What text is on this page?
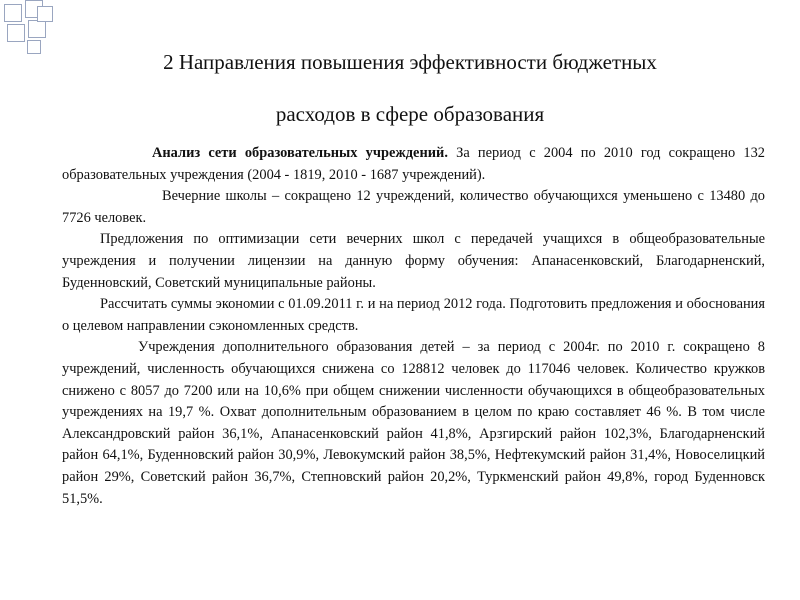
2 Направления повышения эффективности бюджетных
расходов в сфере образования

Анализ сети образовательных учреждений. За период с 2004 по 2010 год сокращено 132 образовательных учреждения (2004 - 1819, 2010 - 1687 учреждений).

Вечерние школы – сокращено 12 учреждений, количество обучающихся уменьшено с 13480 до 7726 человек.

Предложения по оптимизации сети вечерних школ с передачей учащихся в общеобразовательные учреждения и получении лицензии на данную форму обучения: Апанасенковский, Благодарненский, Буденновский, Советский муниципальные районы.

Рассчитать суммы экономии с 01.09.2011 г. и на период 2012 года. Подготовить предложения и обоснования о целевом направлении сэкономленных средств.

Учреждения дополнительного образования детей – за период с 2004г. по 2010 г. сокращено 8 учреждений, численность обучающихся снижена со 128812 человек до 117046 человек. Количество кружков снижено с 8057 до 7200 или на 10,6% при общем снижении численности обучающихся в общеобразовательных учреждениях на 19,7 %. Охват дополнительным образованием в целом по краю составляет 46 %. В том числе Александровский район 36,1%, Апанасенковский район 41,8%, Арзгирский район 102,3%, Благодарненский район 64,1%, Буденновский район 30,9%, Левокумский район 38,5%, Нефтекумский район 31,4%, Новоселицкий район 29%, Советский район 36,7%, Степновский район 20,2%, Туркменский район 49,8%, город Буденновск 51,5%.
